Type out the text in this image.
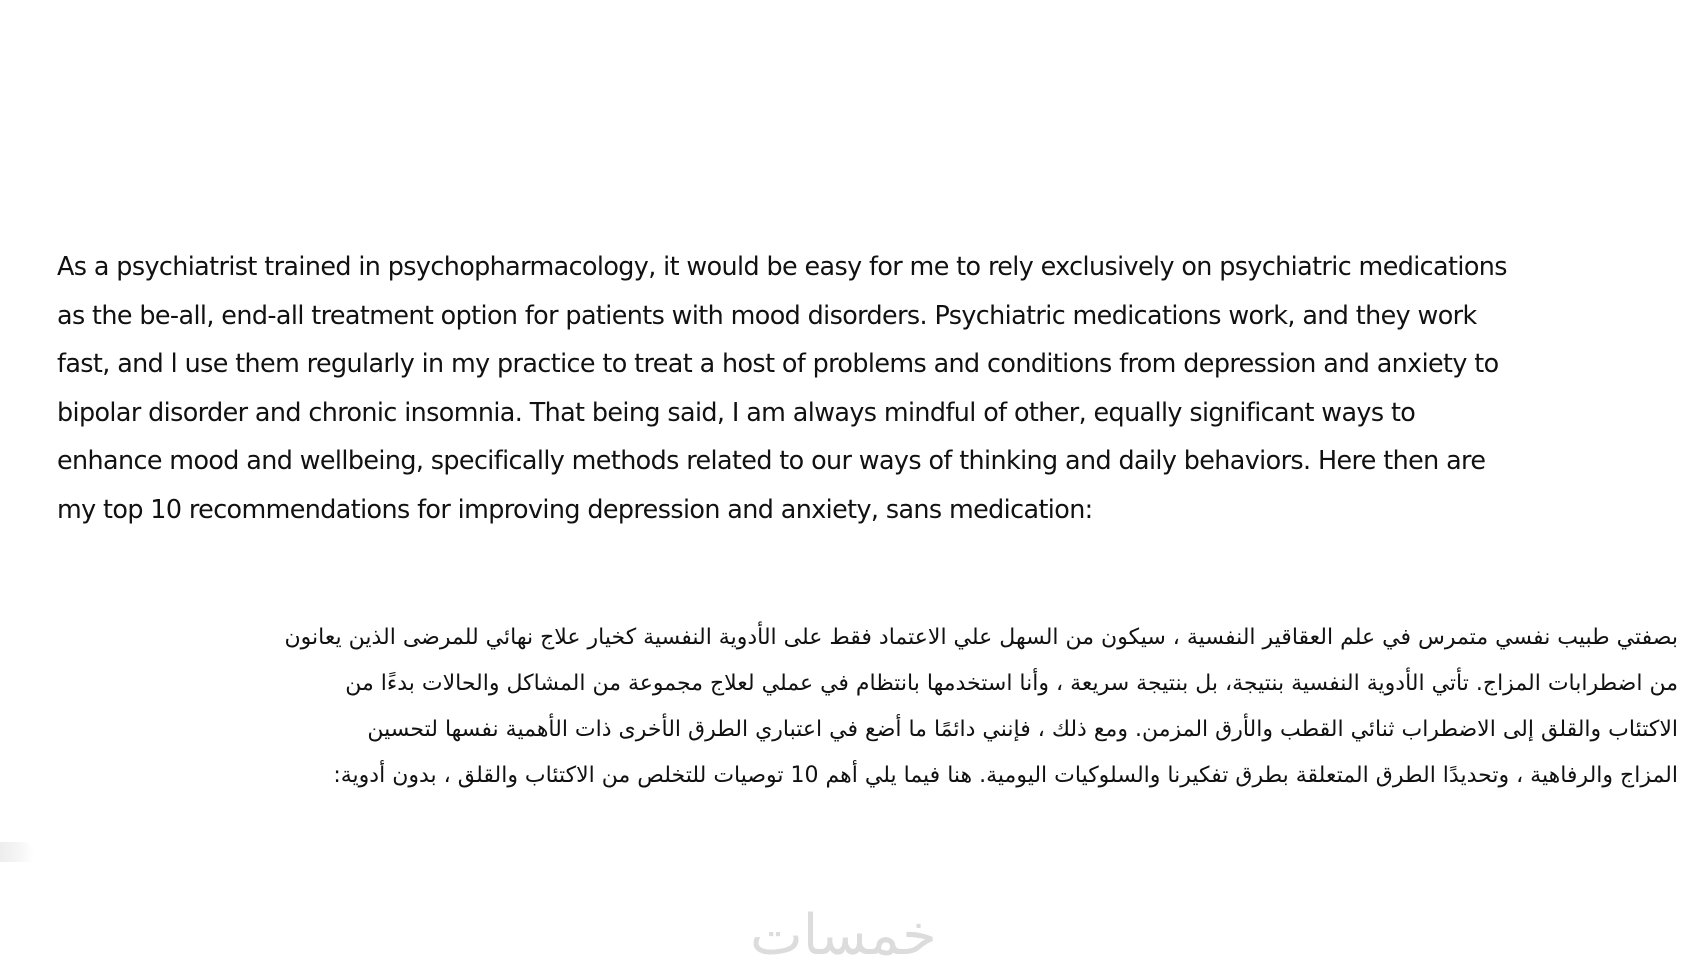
As a psychiatrist trained in psychopharmacology, it would be easy for me to rely exclusively on psychiatric medications
as the be-all, end-all treatment option for patients with mood disorders. Psychiatric medications work, and they work
fast, and l use them regularly in my practice to treat a host of problems and conditions from depression and anxiety to
bipolar disorder and chronic insomnia. That being said, I am always mindful of other, equally significant ways to
enhance mood and wellbeing, specifically methods related to our ways of thinking and daily behaviors. Here then are
my top 10 recommendations for improving depression and anxiety, sans medication:
بصفتي طبيب نفسي متمرس في علم العقاقير النفسية ، سيكون من السهل علي الاعتماد فقط على الأدوية النفسية كخيار علاج نهائي للمرضى الذين يعانون
من اضطرابات المزاج. تأتي الأدوية النفسية بنتيجة، بل بنتيجة سريعة ، وأنا استخدمها بانتظام في عملي لعلاج مجموعة من المشاكل والحالات بدءًا من
الاكتئاب والقلق إلى الاضطراب ثنائي القطب والأرق المزمن. ومع ذلك ، فإنني دائمًا ما أضع في اعتباري الطرق الأخرى ذات الأهمية نفسها لتحسين
المزاج والرفاهية ، وتحديدًا الطرق المتعلقة بطرق تفكيرنا والسلوكيات اليومية. هنا فيما يلي أهم 10 توصيات للتخلص من الاكتئاب والقلق ، بدون أدوية:
خمسات
